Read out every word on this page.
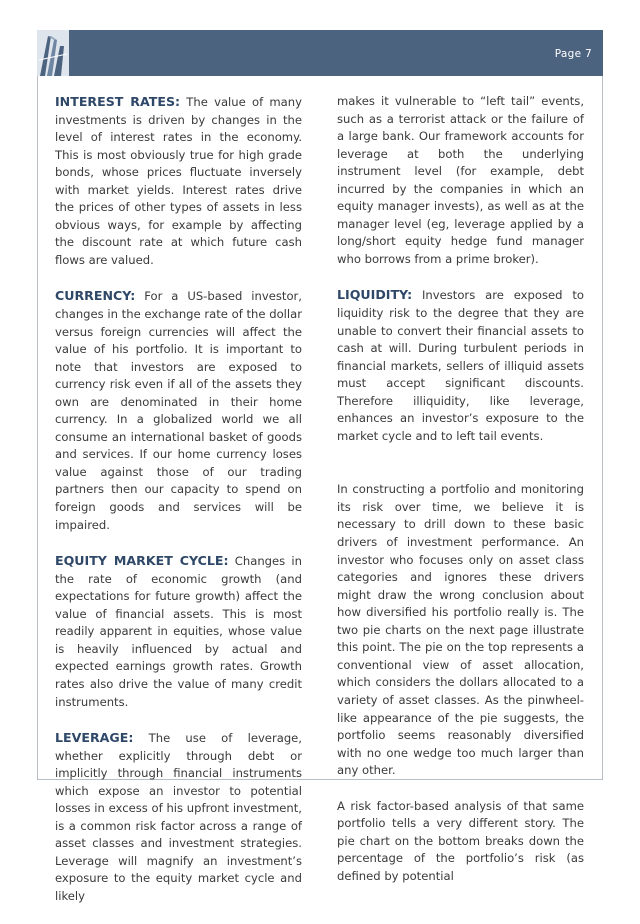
Page 7

INTEREST RATES: The value of many investments is driven by changes in the level of interest rates in the economy. This is most obviously true for high grade bonds, whose prices fluctuate inversely with market yields. Interest rates drive the prices of other types of assets in less obvious ways, for example by affecting the discount rate at which future cash flows are valued.

CURRENCY: For a US-based investor, changes in the exchange rate of the dollar versus foreign currencies will affect the value of his portfolio. It is important to note that investors are exposed to currency risk even if all of the assets they own are denominated in their home currency. In a globalized world we all consume an international basket of goods and services. If our home currency loses value against those of our trading partners then our capacity to spend on foreign goods and services will be impaired.

EQUITY MARKET CYCLE: Changes in the rate of economic growth (and expectations for future growth) affect the value of financial assets. This is most readily apparent in equities, whose value is heavily influenced by actual and expected earnings growth rates. Growth rates also drive the value of many credit instruments.

LEVERAGE: The use of leverage, whether explicitly through debt or implicitly through financial instruments which expose an investor to potential losses in excess of his upfront investment, is a common risk factor across a range of asset classes and investment strategies. Leverage will magnify an investment’s exposure to the equity market cycle and likely

makes it vulnerable to “left tail” events, such as a terrorist attack or the failure of a large bank. Our framework accounts for leverage at both the underlying instrument level (for example, debt incurred by the companies in which an equity manager invests), as well as at the manager level (eg, leverage applied by a long/short equity hedge fund manager who borrows from a prime broker).

LIQUIDITY: Investors are exposed to liquidity risk to the degree that they are unable to convert their financial assets to cash at will. During turbulent periods in financial markets, sellers of illiquid assets must accept significant discounts. Therefore illiquidity, like leverage, enhances an investor’s exposure to the market cycle and to left tail events.

In constructing a portfolio and monitoring its risk over time, we believe it is necessary to drill down to these basic drivers of investment performance. An investor who focuses only on asset class categories and ignores these drivers might draw the wrong conclusion about how diversified his portfolio really is. The two pie charts on the next page illustrate this point. The pie on the top represents a conventional view of asset allocation, which considers the dollars allocated to a variety of asset classes. As the pinwheel-like appearance of the pie suggests, the portfolio seems reasonably diversified with no one wedge too much larger than any other.

A risk factor-based analysis of that same portfolio tells a very different story. The pie chart on the bottom breaks down the percentage of the portfolio’s risk (as defined by potential
